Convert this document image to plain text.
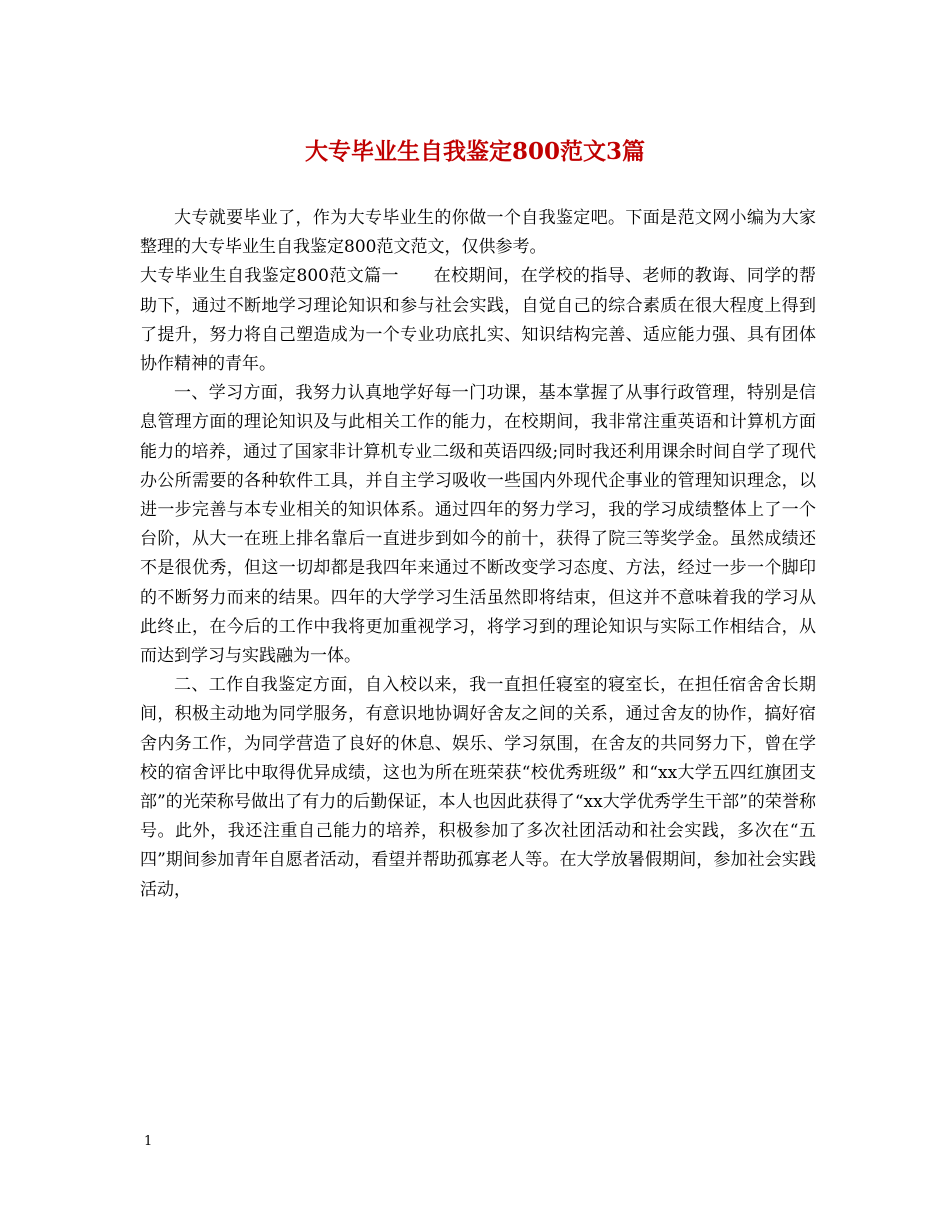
大专毕业生自我鉴定800范文3篇

大专就要毕业了，作为大专毕业生的你做一个自我鉴定吧。下面是范文网小编为大家整理的大专毕业生自我鉴定800范文范文，仅供参考。

大专毕业生自我鉴定800范文篇一　　在校期间，在学校的指导、老师的教诲、同学的帮助下，通过不断地学习理论知识和参与社会实践，自觉自己的综合素质在很大程度上得到了提升，努力将自己塑造成为一个专业功底扎实、知识结构完善、适应能力强、具有团体协作精神的青年。

一、学习方面，我努力认真地学好每一门功课，基本掌握了从事行政管理，特别是信息管理方面的理论知识及与此相关工作的能力，在校期间，我非常注重英语和计算机方面能力的培养，通过了国家非计算机专业二级和英语四级;同时我还利用课余时间自学了现代办公所需要的各种软件工具，并自主学习吸收一些国内外现代企事业的管理知识理念，以进一步完善与本专业相关的知识体系。通过四年的努力学习，我的学习成绩整体上了一个台阶，从大一在班上排名靠后一直进步到如今的前十，获得了院三等奖学金。虽然成绩还不是很优秀，但这一切却都是我四年来通过不断改变学习态度、方法，经过一步一个脚印的不断努力而来的结果。四年的大学学习生活虽然即将结束，但这并不意味着我的学习从此终止，在今后的工作中我将更加重视学习，将学习到的理论知识与实际工作相结合，从而达到学习与实践融为一体。

二、工作自我鉴定方面，自入校以来，我一直担任寝室的寝室长，在担任宿舍舍长期间，积极主动地为同学服务，有意识地协调好舍友之间的关系，通过舍友的协作，搞好宿舍内务工作，为同学营造了良好的休息、娱乐、学习氛围，在舍友的共同努力下，曾在学校的宿舍评比中取得优异成绩，这也为所在班荣获“校优秀班级” 和“xx大学五四红旗团支部”的光荣称号做出了有力的后勤保证，本人也因此获得了“xx大学优秀学生干部”的荣誉称号。此外，我还注重自己能力的培养，积极参加了多次社团活动和社会实践，多次在“五四”期间参加青年自愿者活动，看望并帮助孤寡老人等。在大学放暑假期间，参加社会实践活动，

1
